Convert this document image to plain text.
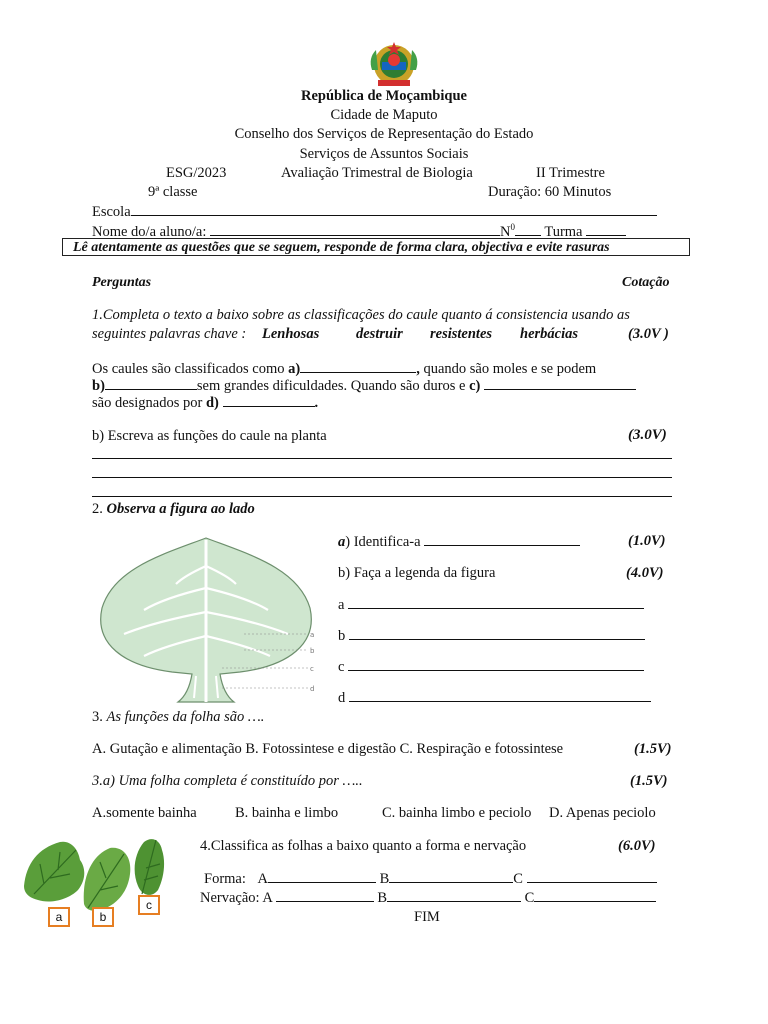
República de Moçambique
Cidade de Maputo
Conselho dos Serviços de Representação do Estado
Serviços de Assuntos Sociais
ESG/2023	Avaliação Trimestral de Biologia	II Trimestre
9ª classe	Duração: 60 Minutos
Escola
Nome do/a aluno/a:	$N^0$ Turma
Lê atentamente as questões que se seguem, responde de forma clara, objectiva e evite rasuras
Perguntas	Cotação
1.Completa o texto a baixo sobre as classificações do caule quanto á consistencia usando as
seguintes palavras chave : Lenhosas	destruir resistentes herbácias	(3.0V )
Os caules são classificados como a)	, quando são moles e se podem
b)	sem grandes dificuldades. Quando são duros e c)
são designados por d)	.
b) Escreva as funções do caule na planta	(3.0V)
2. Observa a figura ao lado
a
b
c
d
a) Identifica-a	(1.0V)
b) Faça a legenda da figura	(4.0V)
a
b
c
d
3. As funções da folha são ….
A. Gutação e alimentação B. Fotossintese e digestão C. Respiração e fotossintese	(1.5V)
3.a) Uma folha completa é constituído por …..	(1.5V)
A.somente bainha	B. bainha e limbo	C. bainha limbo e peciolo D. Apenas peciolo
a	b
c
4.Classifica as folhas a baixo quanto a forma e nervação	(6.0V)
Forma: A	B	C
Nervação: A	B	C
FIM
